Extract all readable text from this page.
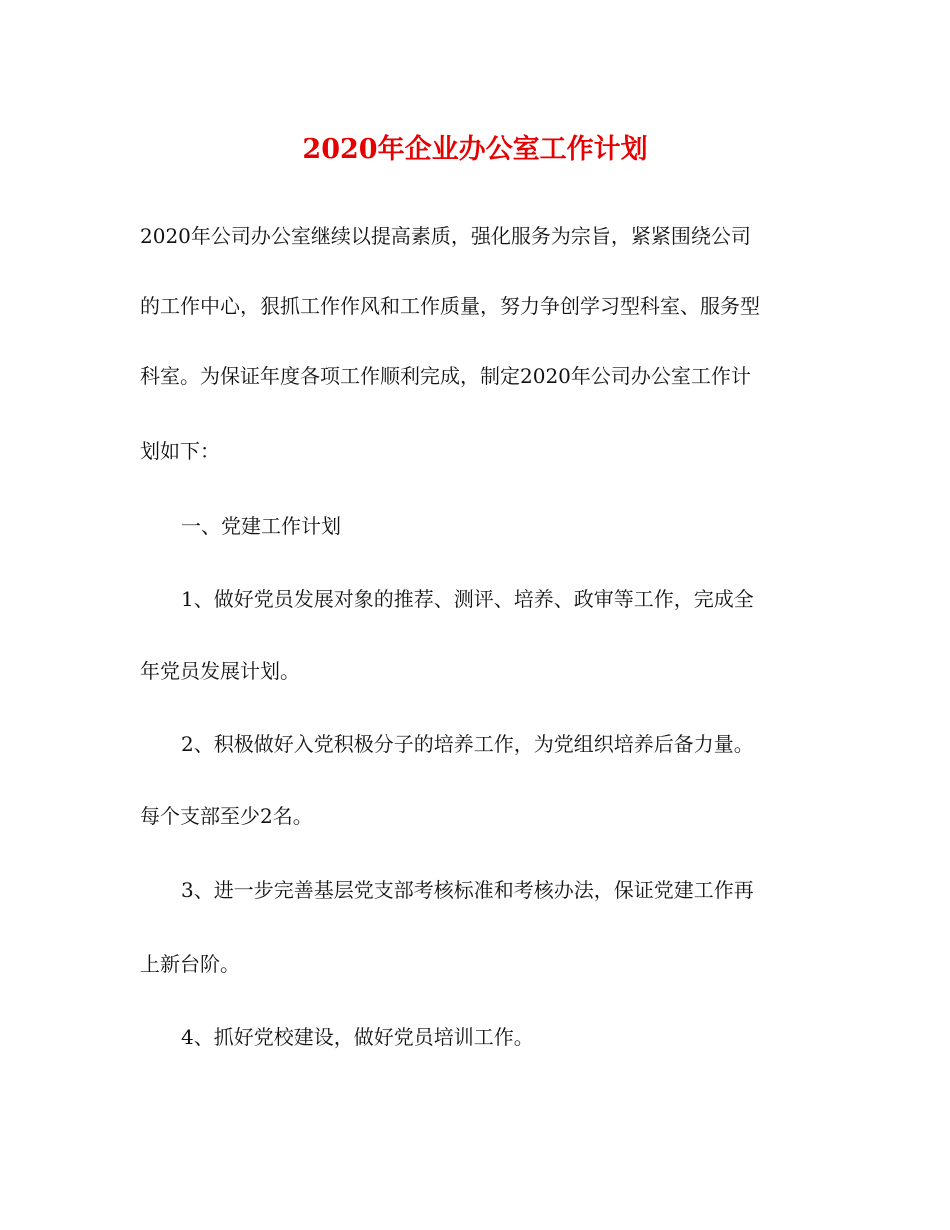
2020年企业办公室工作计划

2020年公司办公室继续以提高素质，强化服务为宗旨，紧紧围绕公司

的工作中心，狠抓工作作风和工作质量，努力争创学习型科室、服务型

科室。为保证年度各项工作顺利完成，制定2020年公司办公室工作计

划如下：

一、党建工作计划

1、做好党员发展对象的推荐、测评、培养、政审等工作，完成全

年党员发展计划。

2、积极做好入党积极分子的培养工作，为党组织培养后备力量。

每个支部至少2名。

3、进一步完善基层党支部考核标准和考核办法，保证党建工作再

上新台阶。

4、抓好党校建设，做好党员培训工作。
